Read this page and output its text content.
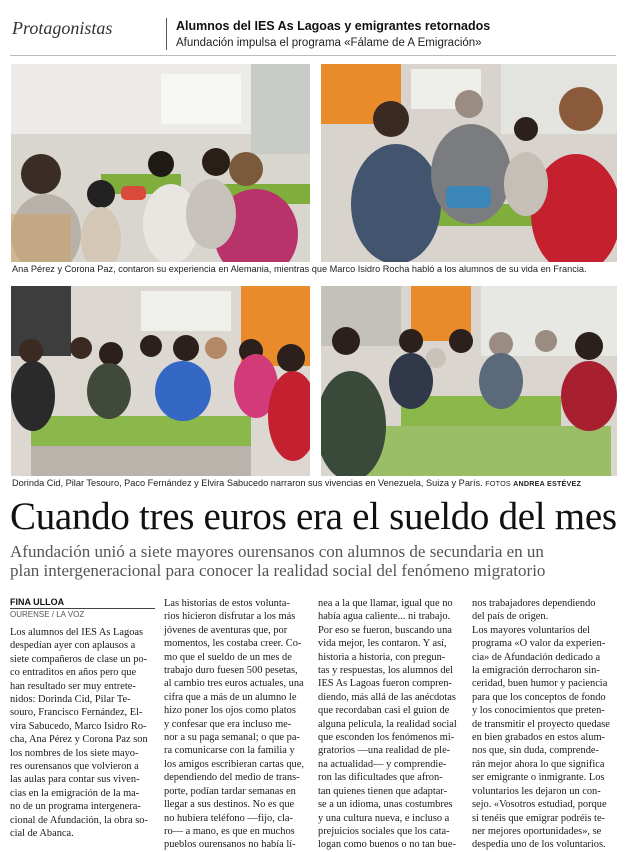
Protagonistas	Alumnos del IES As Lagoas y emigrantes retornados
Afundación impulsa el programa «Fálame de A Emigración»
Ana Pérez y Corona Paz, contaron su experiencia en Alemania, mientras que Marco Isidro Rocha habló a los alumnos de su vida en Francia.
Dorinda Cid, Pilar Tesouro, Paco Fernández y Elvira Sabucedo narraron sus vivencias en Venezuela, Suiza y París. FOTOS ANDREA ESTÉVEZ
Cuando tres euros era el sueldo del mes
Afundación unió a siete mayores ourensanos con alumnos de secundaria en un
plan intergeneracional para conocer la realidad social del fenómeno migratorio
FINA ULLOA
OURENSE / LA VOZ
Los alumnos del IES As Lagoas
despedían ayer con aplausos a
siete compañeros de clase un po-
co entraditos en años pero que
han resultado ser muy entrete-
nidos: Dorinda Cid, Pilar Te-
souro, Francisco Fernández, El-
vira Sabucedo, Marco Isidro Ro-
cha, Ana Pérez y Corona Paz son
los nombres de los siete mayo-
res ourensanos que volvieron a
las aulas para contar sus viven-
cias en la emigración de la ma-
no de un programa intergenera-
cional de Afundación, la obra so-
cial de Abanca.
Las historias de estos volunta-
rios hicieron disfrutar a los más
jóvenes de aventuras que, por
momentos, les costaba creer. Co-
mo que el sueldo de un mes de
trabajo duro fuesen 500 pesetas,
al cambio tres euros actuales, una
cifra que a más de un alumno le
hizo poner los ojos como platos
y confesar que era incluso me-
nor a su paga semanal; o que pa-
ra comunicarse con la familia y
los amigos escribieran cartas que,
dependiendo del medio de trans-
porte, podían tardar semanas en
llegar a sus destinos. No es que
no hubiera teléfono —fijo, cla-
ro— a mano, es que en muchos
pueblos ourensanos no había lí-
nea a la que llamar, igual que no
había agua caliente... ni trabajo.
Por eso se fueron, buscando una
vida mejor, les contaron. Y así,
historia a historia, con pregun-
tas y respuestas, los alumnos del
IES As Lagoas fueron compren-
diendo, más allá de las anécdotas
que recordaban casi el guion de
alguna película, la realidad social
que esconden los fenómenos mi-
gratorios —una realidad de ple-
na actualidad— y comprendie-
ron las dificultades que afron-
tan quienes tienen que adaptar-
se a un idioma, unas costumbres
y una cultura nueva, e incluso a
prejuicios sociales que los cata-
logan como buenos o no tan bue-
nos trabajadores dependiendo
del país de origen.
Los mayores voluntarios del
programa «O valor da experien-
cia» de Afundación dedicado a
la emigración derrocharon sin-
ceridad, buen humor y paciencia
para que los conceptos de fondo
y los conocimientos que preten-
de transmitir el proyecto quedase
en bien grabados en estos alum-
nos que, sin duda, comprende-
rán mejor ahora lo que significa
ser emigrante o inmigrante. Los
voluntarios les dejaron un con-
sejo. «Vosotros estudiad, porque
si tenéis que emigrar podréis te-
ner mejores oportunidades», se
despedía uno de los voluntarios.
